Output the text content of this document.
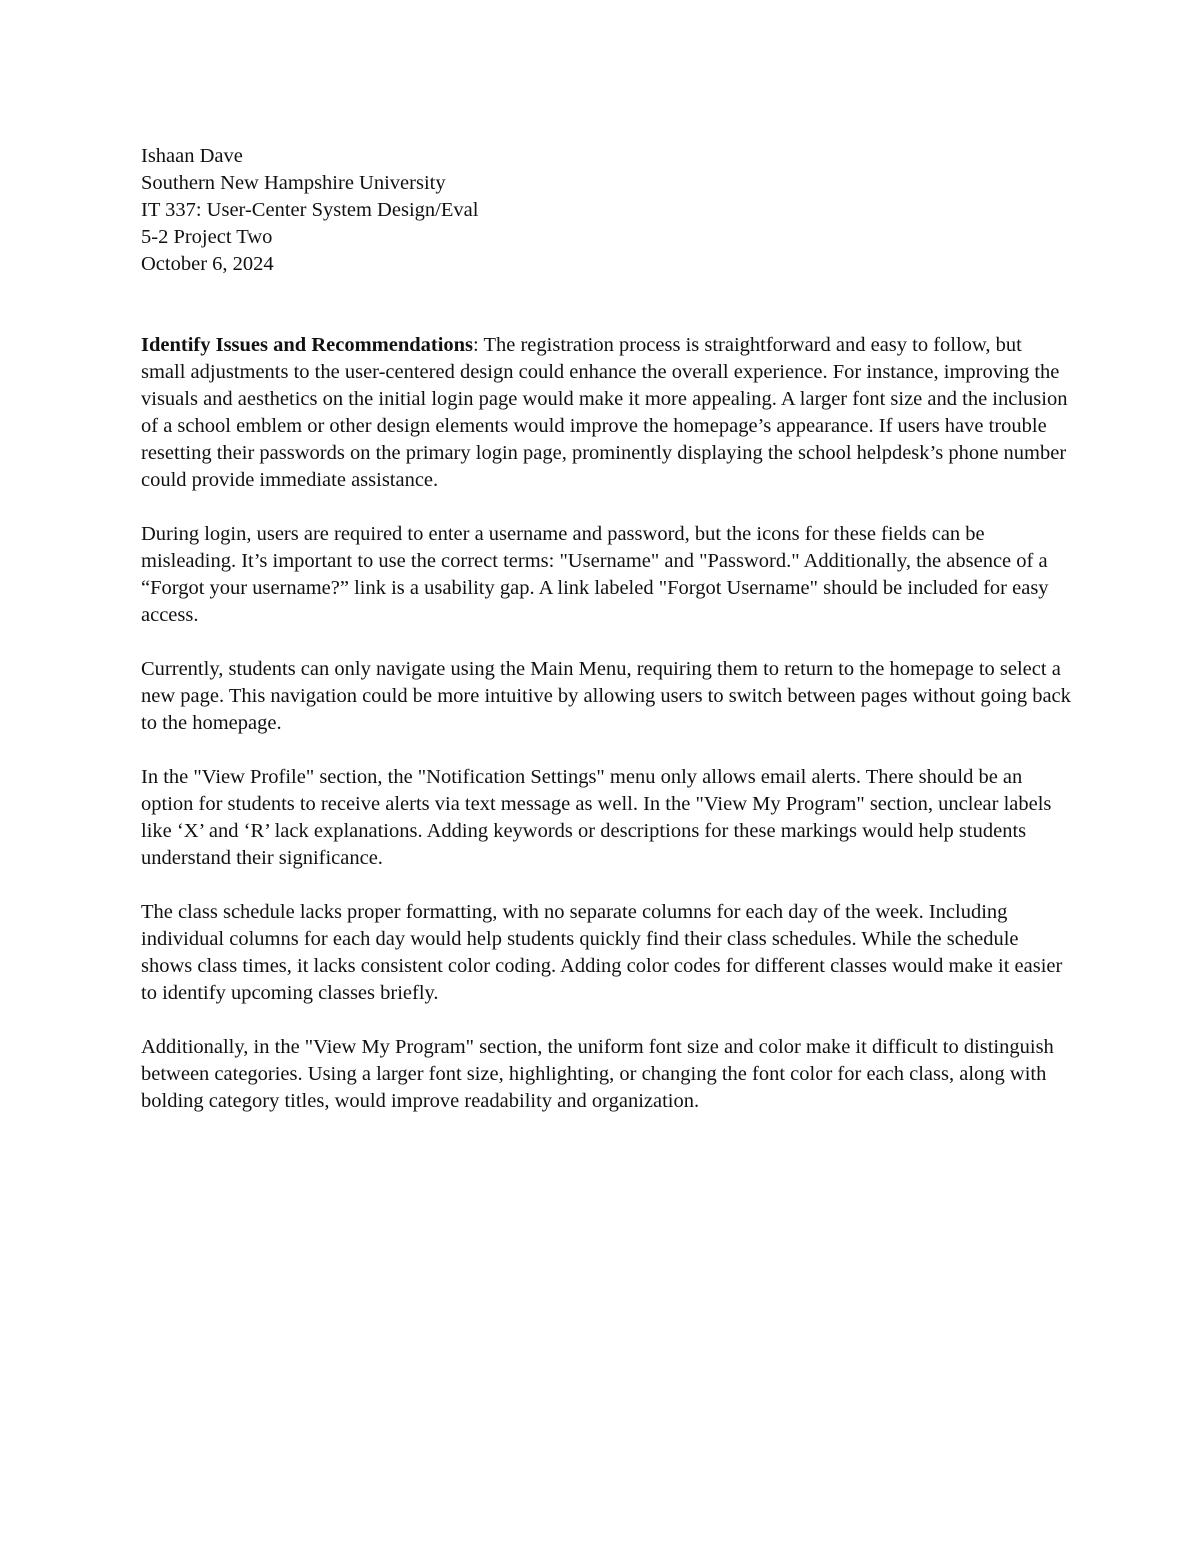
Ishaan Dave
Southern New Hampshire University
IT 337: User-Center System Design/Eval
5-2 Project Two
October 6, 2024

Identify Issues and Recommendations: The registration process is straightforward and easy to follow, but small adjustments to the user-centered design could enhance the overall experience. For instance, improving the visuals and aesthetics on the initial login page would make it more appealing. A larger font size and the inclusion of a school emblem or other design elements would improve the homepage’s appearance. If users have trouble resetting their passwords on the primary login page, prominently displaying the school helpdesk’s phone number could provide immediate assistance.

During login, users are required to enter a username and password, but the icons for these fields can be misleading. It’s important to use the correct terms: "Username" and "Password." Additionally, the absence of a “Forgot your username?” link is a usability gap. A link labeled "Forgot Username" should be included for easy access.

Currently, students can only navigate using the Main Menu, requiring them to return to the homepage to select a new page. This navigation could be more intuitive by allowing users to switch between pages without going back to the homepage.

In the "View Profile" section, the "Notification Settings" menu only allows email alerts. There should be an option for students to receive alerts via text message as well. In the "View My Program" section, unclear labels like ‘X’ and ‘R’ lack explanations. Adding keywords or descriptions for these markings would help students understand their significance.

The class schedule lacks proper formatting, with no separate columns for each day of the week. Including individual columns for each day would help students quickly find their class schedules. While the schedule shows class times, it lacks consistent color coding. Adding color codes for different classes would make it easier to identify upcoming classes briefly.

Additionally, in the "View My Program" section, the uniform font size and color make it difficult to distinguish between categories. Using a larger font size, highlighting, or changing the font color for each class, along with bolding category titles, would improve readability and organization.
